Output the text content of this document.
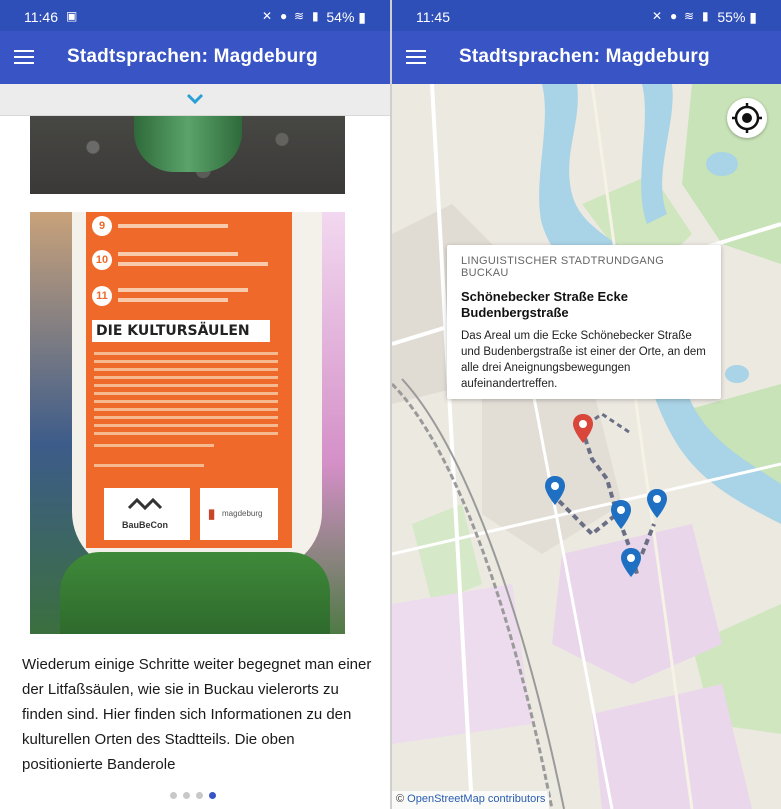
11:46 ▣	✕ ● ≋ ▮ 54% ▮
Stadtsprachen: Magdeburg
9
10
11
DIE KULTURSÄULEN
BauBeCon
▮ magdeburg

Wiederum einige Schritte weiter begegnet man einer der Litfaßsäulen, wie sie in Buckau vielerorts zu finden sind. Hier finden sich Informationen zu den kulturellen Orten des Stadtteils. Die oben positionierte Banderole

11:45	✕ ● ≋ ▮ 55% ▮
Stadtsprachen: Magdeburg
LINGUISTISCHER STADTRUNDGANG BUCKAU
Schönebecker Straße Ecke Budenbergstraße
Das Areal um die Ecke Schönebecker Straße und Budenbergstraße ist einer der Orte, an dem alle drei Aneignungsbewegungen aufeinandertreffen.
© OpenStreetMap contributors
